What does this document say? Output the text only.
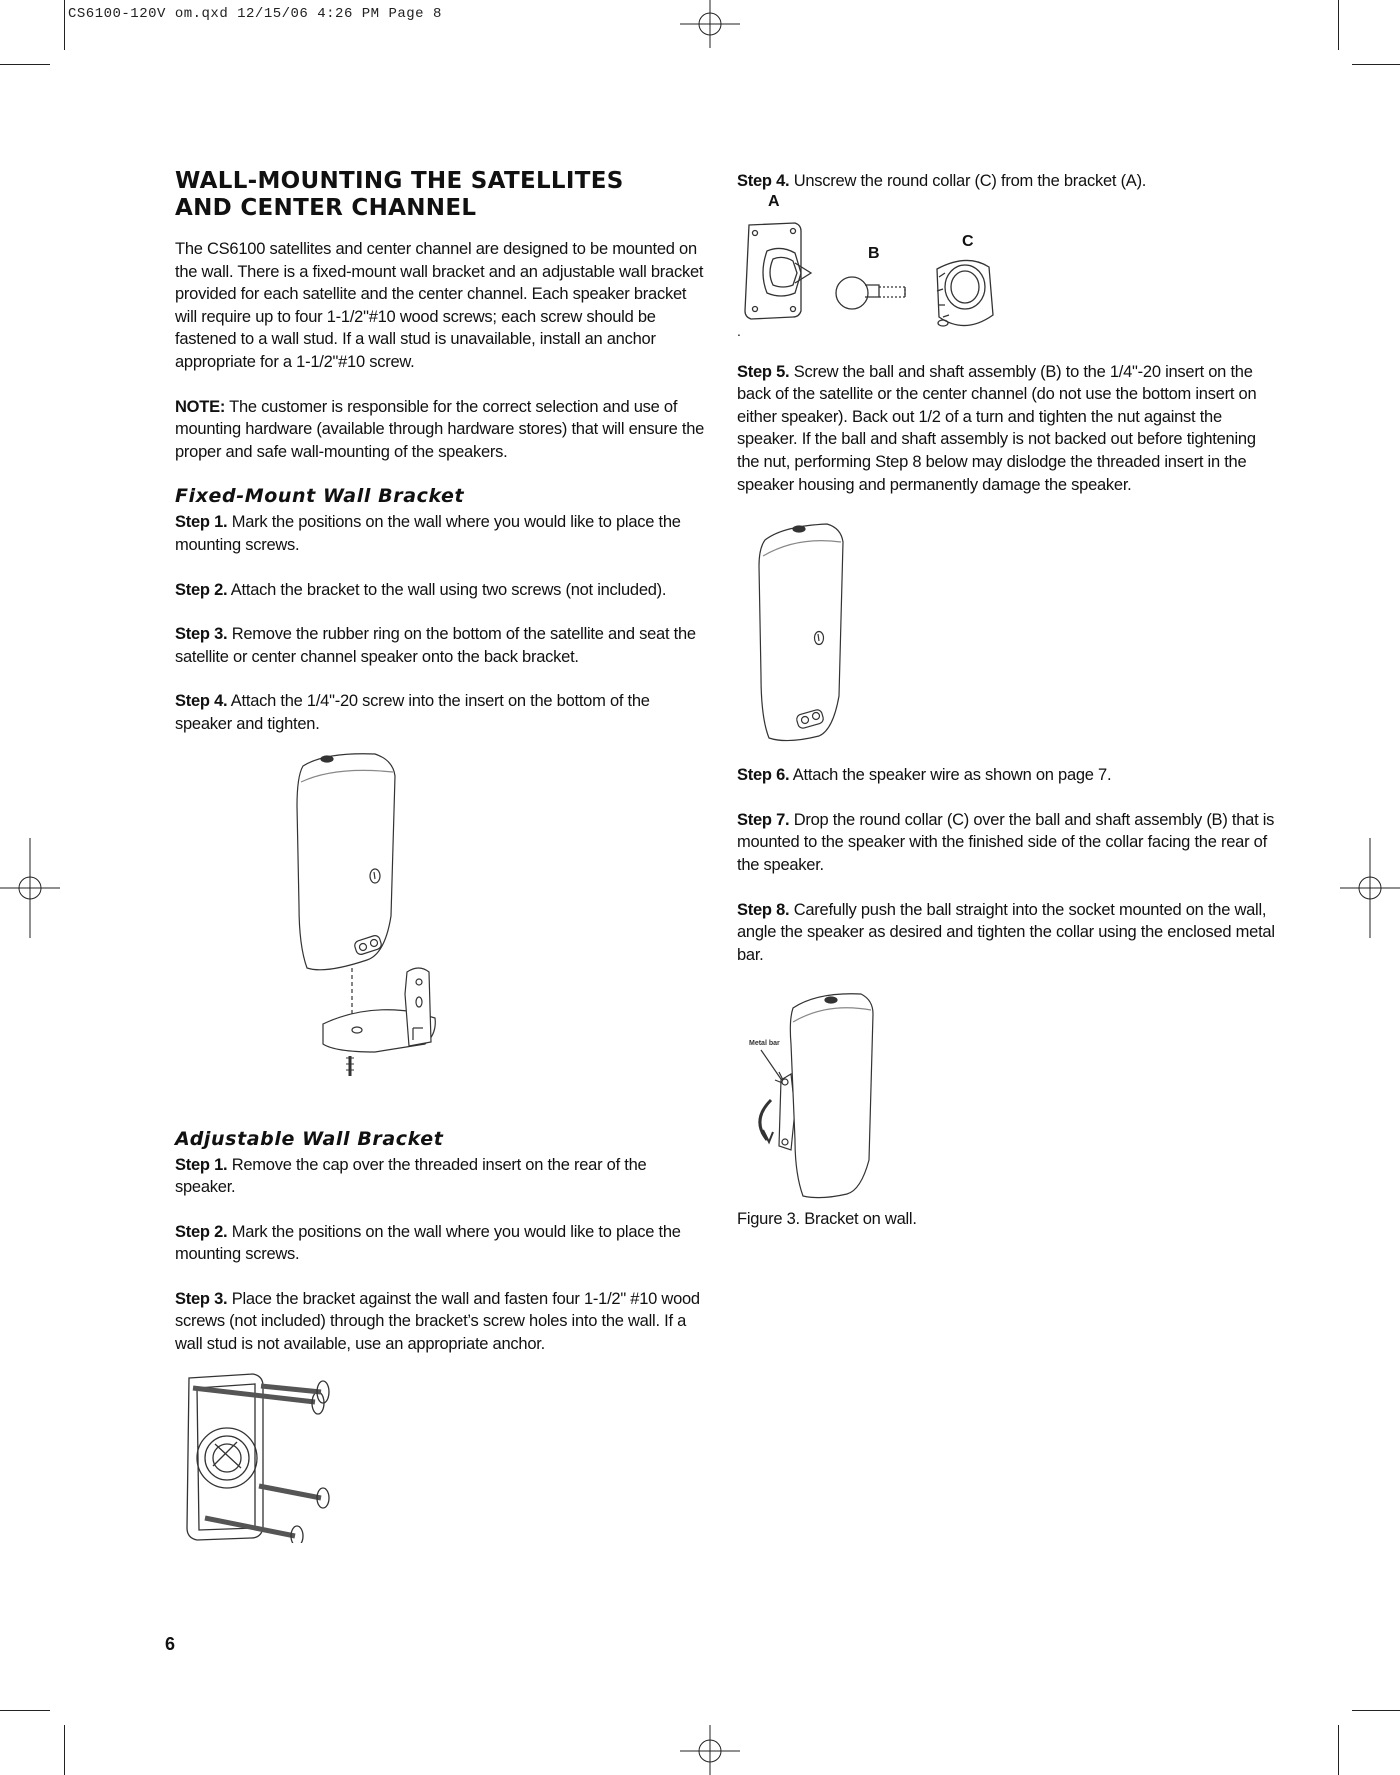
CS6100-120V om.qxd 12/15/06 4:26 PM Page 8
WALL-MOUNTING THE SATELLITES
AND CENTER CHANNEL

The CS6100 satellites and center channel are designed to be mounted on the wall. There is a fixed-mount wall bracket and an adjustable wall bracket provided for each satellite and the center channel. Each speaker bracket will require up to four 1-1/2"#10 wood screws; each screw should be fastened to a wall stud. If a wall stud is unavailable, install an anchor appropriate for a 1-1/2"#10 screw.

NOTE: The customer is responsible for the correct selection and use of mounting hardware (available through hardware stores) that will ensure the proper and safe wall-mounting of the speakers.

Fixed-Mount Wall Bracket

Step 1. Mark the positions on the wall where you would like to place the mounting screws.

Step 2. Attach the bracket to the wall using two screws (not included).

Step 3. Remove the rubber ring on the bottom of the satellite and seat the satellite or center channel speaker onto the back bracket.

Step 4. Attach the 1/4"-20 screw into the insert on the bottom of the speaker and tighten.

Adjustable Wall Bracket

Step 1. Remove the cap over the threaded insert on the rear of the speaker.

Step 2. Mark the positions on the wall where you would like to place the mounting screws.

Step 3. Place the bracket against the wall and fasten four 1-1/2" #10 wood screws (not included) through the bracket’s screw holes into the wall. If a wall stud is not available, use an appropriate anchor.

Step 4. Unscrew the round collar (C) from the bracket (A).

A
B
C
.

Step 5. Screw the ball and shaft assembly (B) to the 1/4"-20 insert on the back of the satellite or the center channel (do not use the bottom insert on either speaker). Back out 1/2 of a turn and tighten the nut against the speaker. If the ball and shaft assembly is not backed out before tightening the nut, performing Step 8 below may dislodge the threaded insert in the speaker housing and permanently damage the speaker.

Step 6. Attach the speaker wire as shown on page 7.

Step 7. Drop the round collar (C) over the ball and shaft assembly (B) that is mounted to the speaker with the finished side of the collar facing the rear of the speaker.

Step 8. Carefully push the ball straight into the socket mounted on the wall, angle the speaker as desired and tighten the collar using the enclosed metal bar.

Metal bar

Figure 3. Bracket on wall.

6
